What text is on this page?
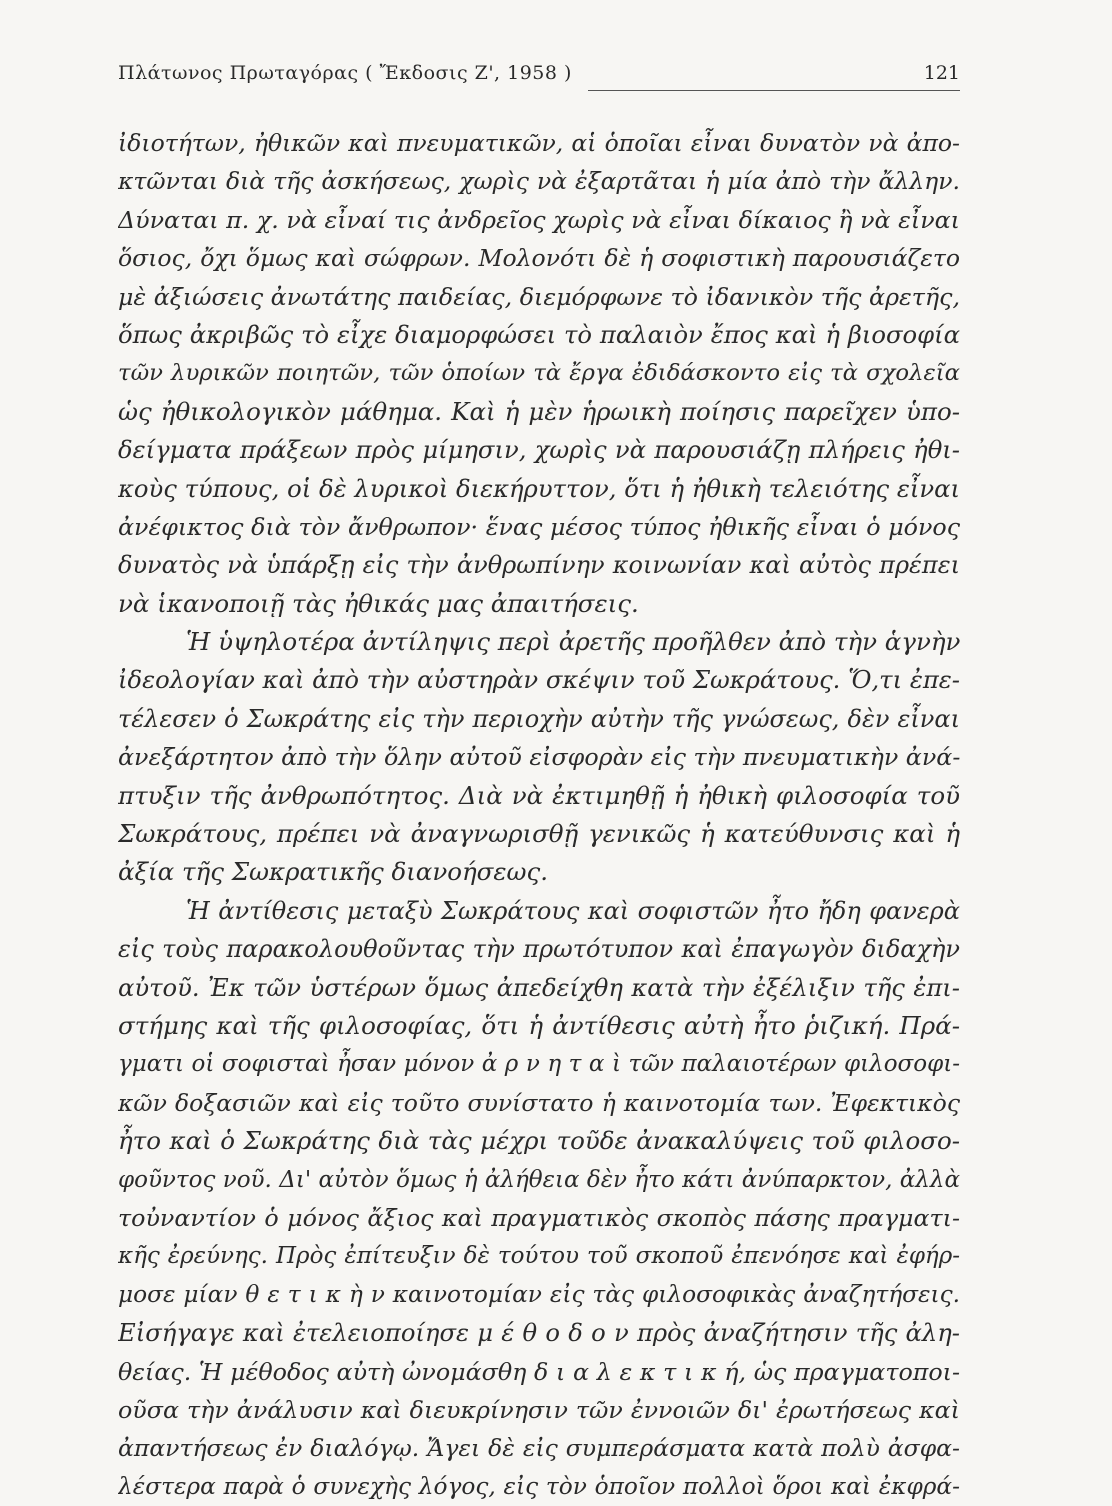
Πλάτωνος Πρωταγόρας ( Ἔκδοσις Ζ', 1958 )	121
ἰδιοτήτων, ἠθικῶν καὶ πνευματικῶν, αἱ ὁποῖαι εἶναι δυνατὸν νὰ ἀπο-
κτῶνται διὰ τῆς ἀσκήσεως, χωρὶς νὰ ἐξαρτᾶται ἡ μία ἀπὸ τὴν ἄλλην.
Δύναται π. χ. νὰ εἶναί τις ἀνδρεῖος χωρὶς νὰ εἶναι δίκαιος ἢ νὰ εἶναι
ὅσιος, ὄχι ὅμως καὶ σώφρων. Μολονότι δὲ ἡ σοφιστικὴ παρουσιάζετο
μὲ ἀξιώσεις ἀνωτάτης παιδείας, διεμόρφωνε τὸ ἰδανικὸν τῆς ἀρετῆς,
ὅπως ἀκριβῶς τὸ εἶχε διαμορφώσει τὸ παλαιὸν ἔπος καὶ ἡ βιοσοφία
τῶν λυρικῶν ποιητῶν, τῶν ὁποίων τὰ ἔργα ἐδιδάσκοντο εἰς τὰ σχολεῖα
ὡς ἠθικολογικὸν μάθημα. Καὶ ἡ μὲν ἡρωικὴ ποίησις παρεῖχεν ὑπο-
δείγματα πράξεων πρὸς μίμησιν, χωρὶς νὰ παρουσιάζῃ πλήρεις ἠθι-
κοὺς τύπους, οἱ δὲ λυρικοὶ διεκήρυττον, ὅτι ἡ ἠθικὴ τελειότης εἶναι
ἀνέφικτος διὰ τὸν ἄνθρωπον· ἕνας μέσος τύπος ἠθικῆς εἶναι ὁ μόνος
δυνατὸς νὰ ὑπάρξῃ εἰς τὴν ἀνθρωπίνην κοινωνίαν καὶ αὐτὸς πρέπει
νὰ ἱκανοποιῇ τὰς ἠθικάς μας ἀπαιτήσεις.
Ἡ ὑψηλοτέρα ἀντίληψις περὶ ἀρετῆς προῆλθεν ἀπὸ τὴν ἁγνὴν
ἰδεολογίαν καὶ ἀπὸ τὴν αὐστηρὰν σκέψιν τοῦ Σωκράτους. Ὅ,τι ἐπε-
τέλεσεν ὁ Σωκράτης εἰς τὴν περιοχὴν αὐτὴν τῆς γνώσεως, δὲν εἶναι
ἀνεξάρτητον ἀπὸ τὴν ὅλην αὐτοῦ εἰσφορὰν εἰς τὴν πνευματικὴν ἀνά-
πτυξιν τῆς ἀνθρωπότητος. Διὰ νὰ ἐκτιμηθῇ ἡ ἠθικὴ φιλοσοφία τοῦ
Σωκράτους, πρέπει νὰ ἀναγνωρισθῇ γενικῶς ἡ κατεύθυνσις καὶ ἡ
ἀξία τῆς Σωκρατικῆς διανοήσεως.
Ἡ ἀντίθεσις μεταξὺ Σωκράτους καὶ σοφιστῶν ἦτο ἤδη φανερὰ
εἰς τοὺς παρακολουθοῦντας τὴν πρωτότυπον καὶ ἐπαγωγὸν διδαχὴν
αὐτοῦ. Ἐκ τῶν ὑστέρων ὅμως ἀπεδείχθη κατὰ τὴν ἐξέλιξιν τῆς ἐπι-
στήμης καὶ τῆς φιλοσοφίας, ὅτι ἡ ἀντίθεσις αὐτὴ ἦτο ῥιζική. Πρά-
γματι οἱ σοφισταὶ ἦσαν μόνον ἀ ρ ν η τ α ὶ τῶν παλαιοτέρων φιλοσοφι-
κῶν δοξασιῶν καὶ εἰς τοῦτο συνίστατο ἡ καινοτομία των. Ἐφεκτικὸς
ἦτο καὶ ὁ Σωκράτης διὰ τὰς μέχρι τοῦδε ἀνακαλύψεις τοῦ φιλοσο-
φοῦντος νοῦ. Δι' αὐτὸν ὅμως ἡ ἀλήθεια δὲν ἦτο κάτι ἀνύπαρκτον, ἀλλὰ
τοὐναντίον ὁ μόνος ἄξιος καὶ πραγματικὸς σκοπὸς πάσης πραγματι-
κῆς ἐρεύνης. Πρὸς ἐπίτευξιν δὲ τούτου τοῦ σκοποῦ ἐπενόησε καὶ ἐφήρ-
μοσε μίαν θ ε τ ι κ ὴ ν καινοτομίαν εἰς τὰς φιλοσοφικὰς ἀναζητήσεις.
Εἰσήγαγε καὶ ἐτελειοποίησε μ έ θ ο δ ο ν πρὸς ἀναζήτησιν τῆς ἀλη-
θείας. Ἡ μέθοδος αὐτὴ ὠνομάσθη δ ι α λ ε κ τ ι κ ή, ὡς πραγματοποι-
οῦσα τὴν ἀνάλυσιν καὶ διευκρίνησιν τῶν ἐννοιῶν δι' ἐρωτήσεως καὶ
ἀπαντήσεως ἐν διαλόγῳ. Ἄγει δὲ εἰς συμπεράσματα κατὰ πολὺ ἀσφα-
λέστερα παρὰ ὁ συνεχὴς λόγος, εἰς τὸν ὁποῖον πολλοὶ ὅροι καὶ ἐκφρά-
